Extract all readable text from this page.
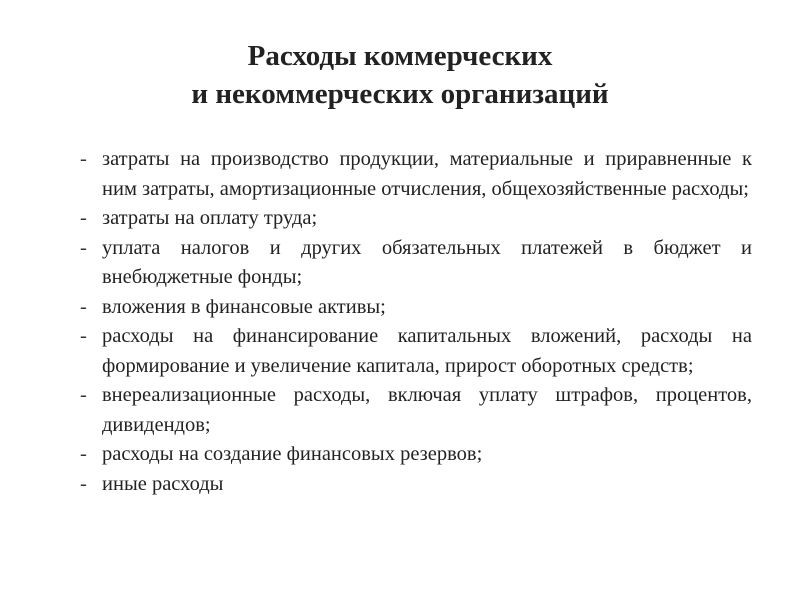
Расходы коммерческих
и некоммерческих организаций
- затраты на производство продукции, материальные и приравненные к ним затраты, амортизационные отчисления, общехозяйственные расходы;
- затраты на оплату труда;
- уплата налогов и других обязательных платежей в бюджет и внебюджетные фонды;
- вложения в финансовые активы;
- расходы на финансирование капитальных вложений, расходы на формирование и увеличение капитала, прирост оборотных средств;
- внереализационные расходы, включая уплату штрафов, процентов, дивидендов;
- расходы на создание финансовых резервов;
- иные расходы
